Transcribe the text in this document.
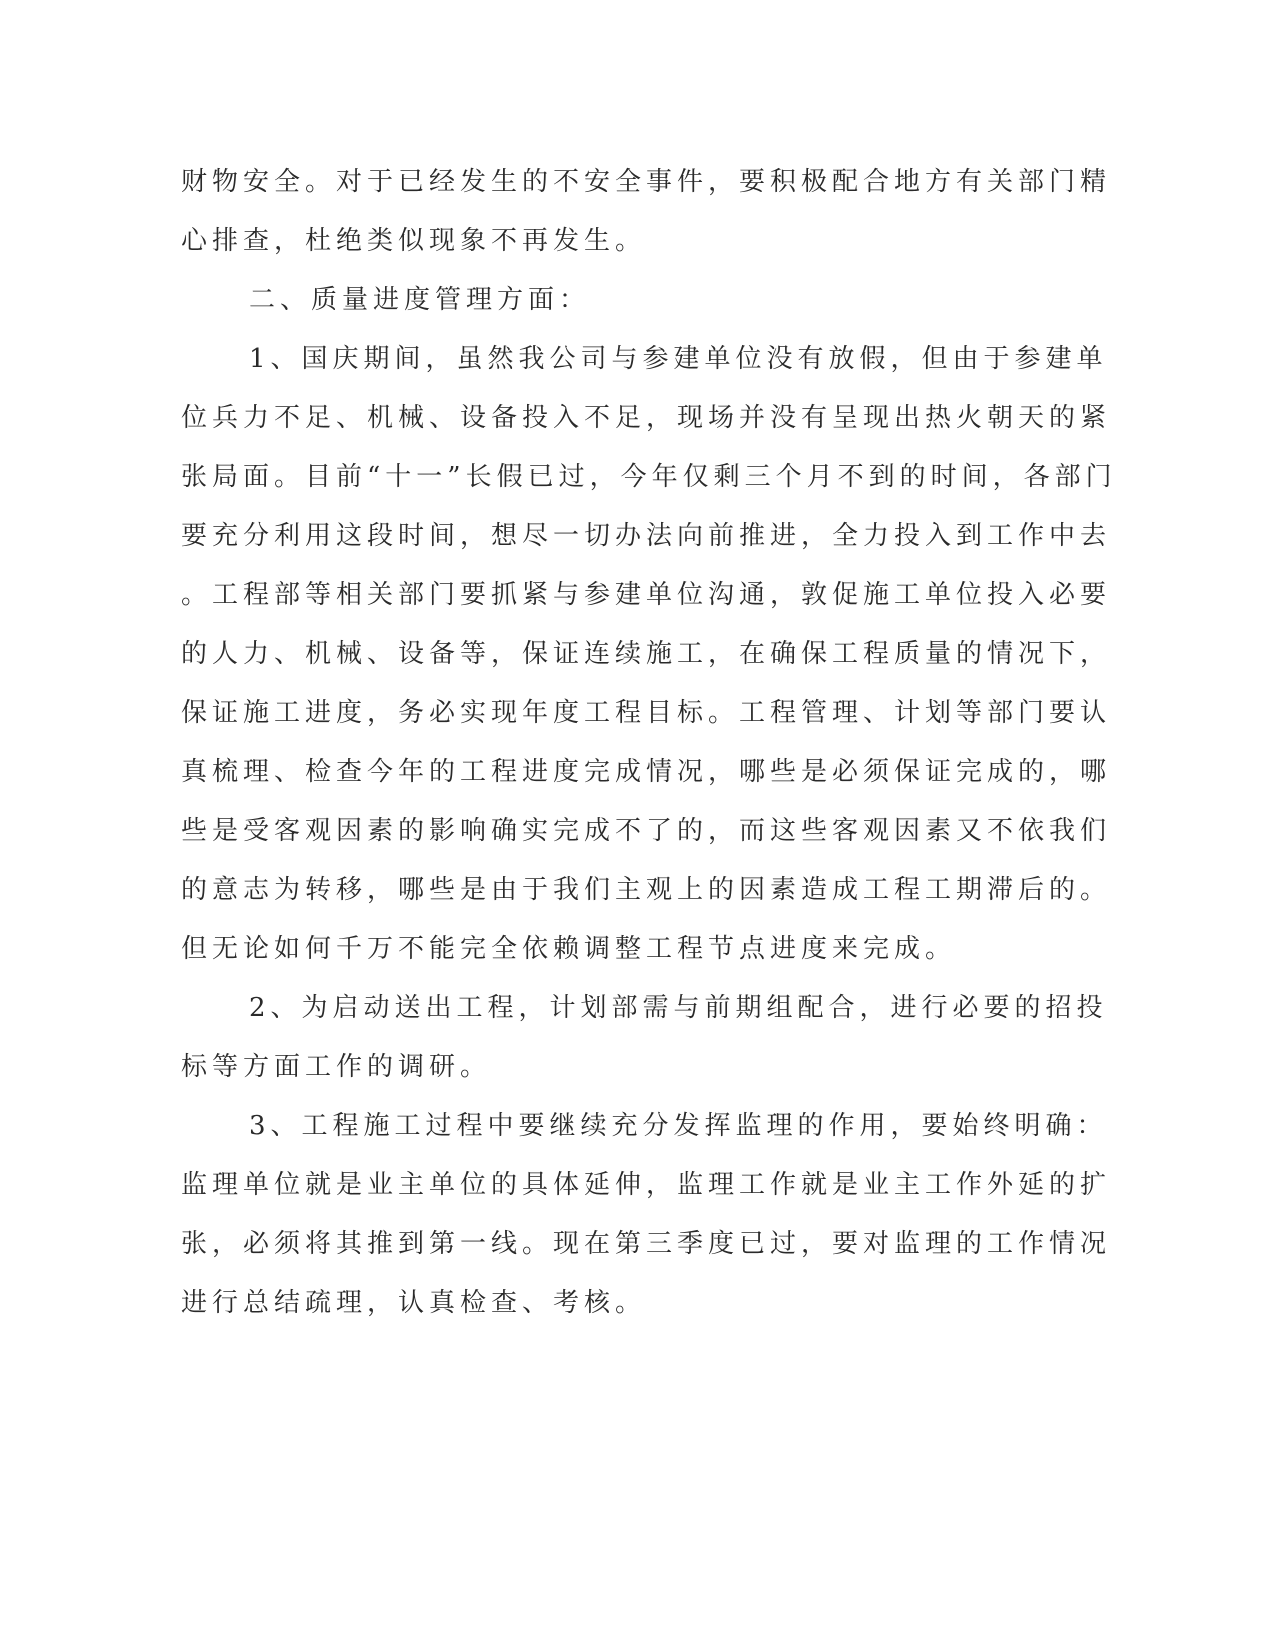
财物安全。对于已经发生的不安全事件，要积极配合地方有关部门精
心排查，杜绝类似现象不再发生。
二、质量进度管理方面：
1、国庆期间，虽然我公司与参建单位没有放假，但由于参建单
位兵力不足、机械、设备投入不足，现场并没有呈现出热火朝天的紧
张局面。目前“十一”长假已过，今年仅剩三个月不到的时间，各部门
要充分利用这段时间，想尽一切办法向前推进，全力投入到工作中去
。工程部等相关部门要抓紧与参建单位沟通，敦促施工单位投入必要
的人力、机械、设备等，保证连续施工，在确保工程质量的情况下，
保证施工进度，务必实现年度工程目标。工程管理、计划等部门要认
真梳理、检查今年的工程进度完成情况，哪些是必须保证完成的，哪
些是受客观因素的影响确实完成不了的，而这些客观因素又不依我们
的意志为转移，哪些是由于我们主观上的因素造成工程工期滞后的。
但无论如何千万不能完全依赖调整工程节点进度来完成。
2、为启动送出工程，计划部需与前期组配合，进行必要的招投
标等方面工作的调研。
3、工程施工过程中要继续充分发挥监理的作用，要始终明确：
监理单位就是业主单位的具体延伸，监理工作就是业主工作外延的扩
张，必须将其推到第一线。现在第三季度已过，要对监理的工作情况
进行总结疏理，认真检查、考核。
